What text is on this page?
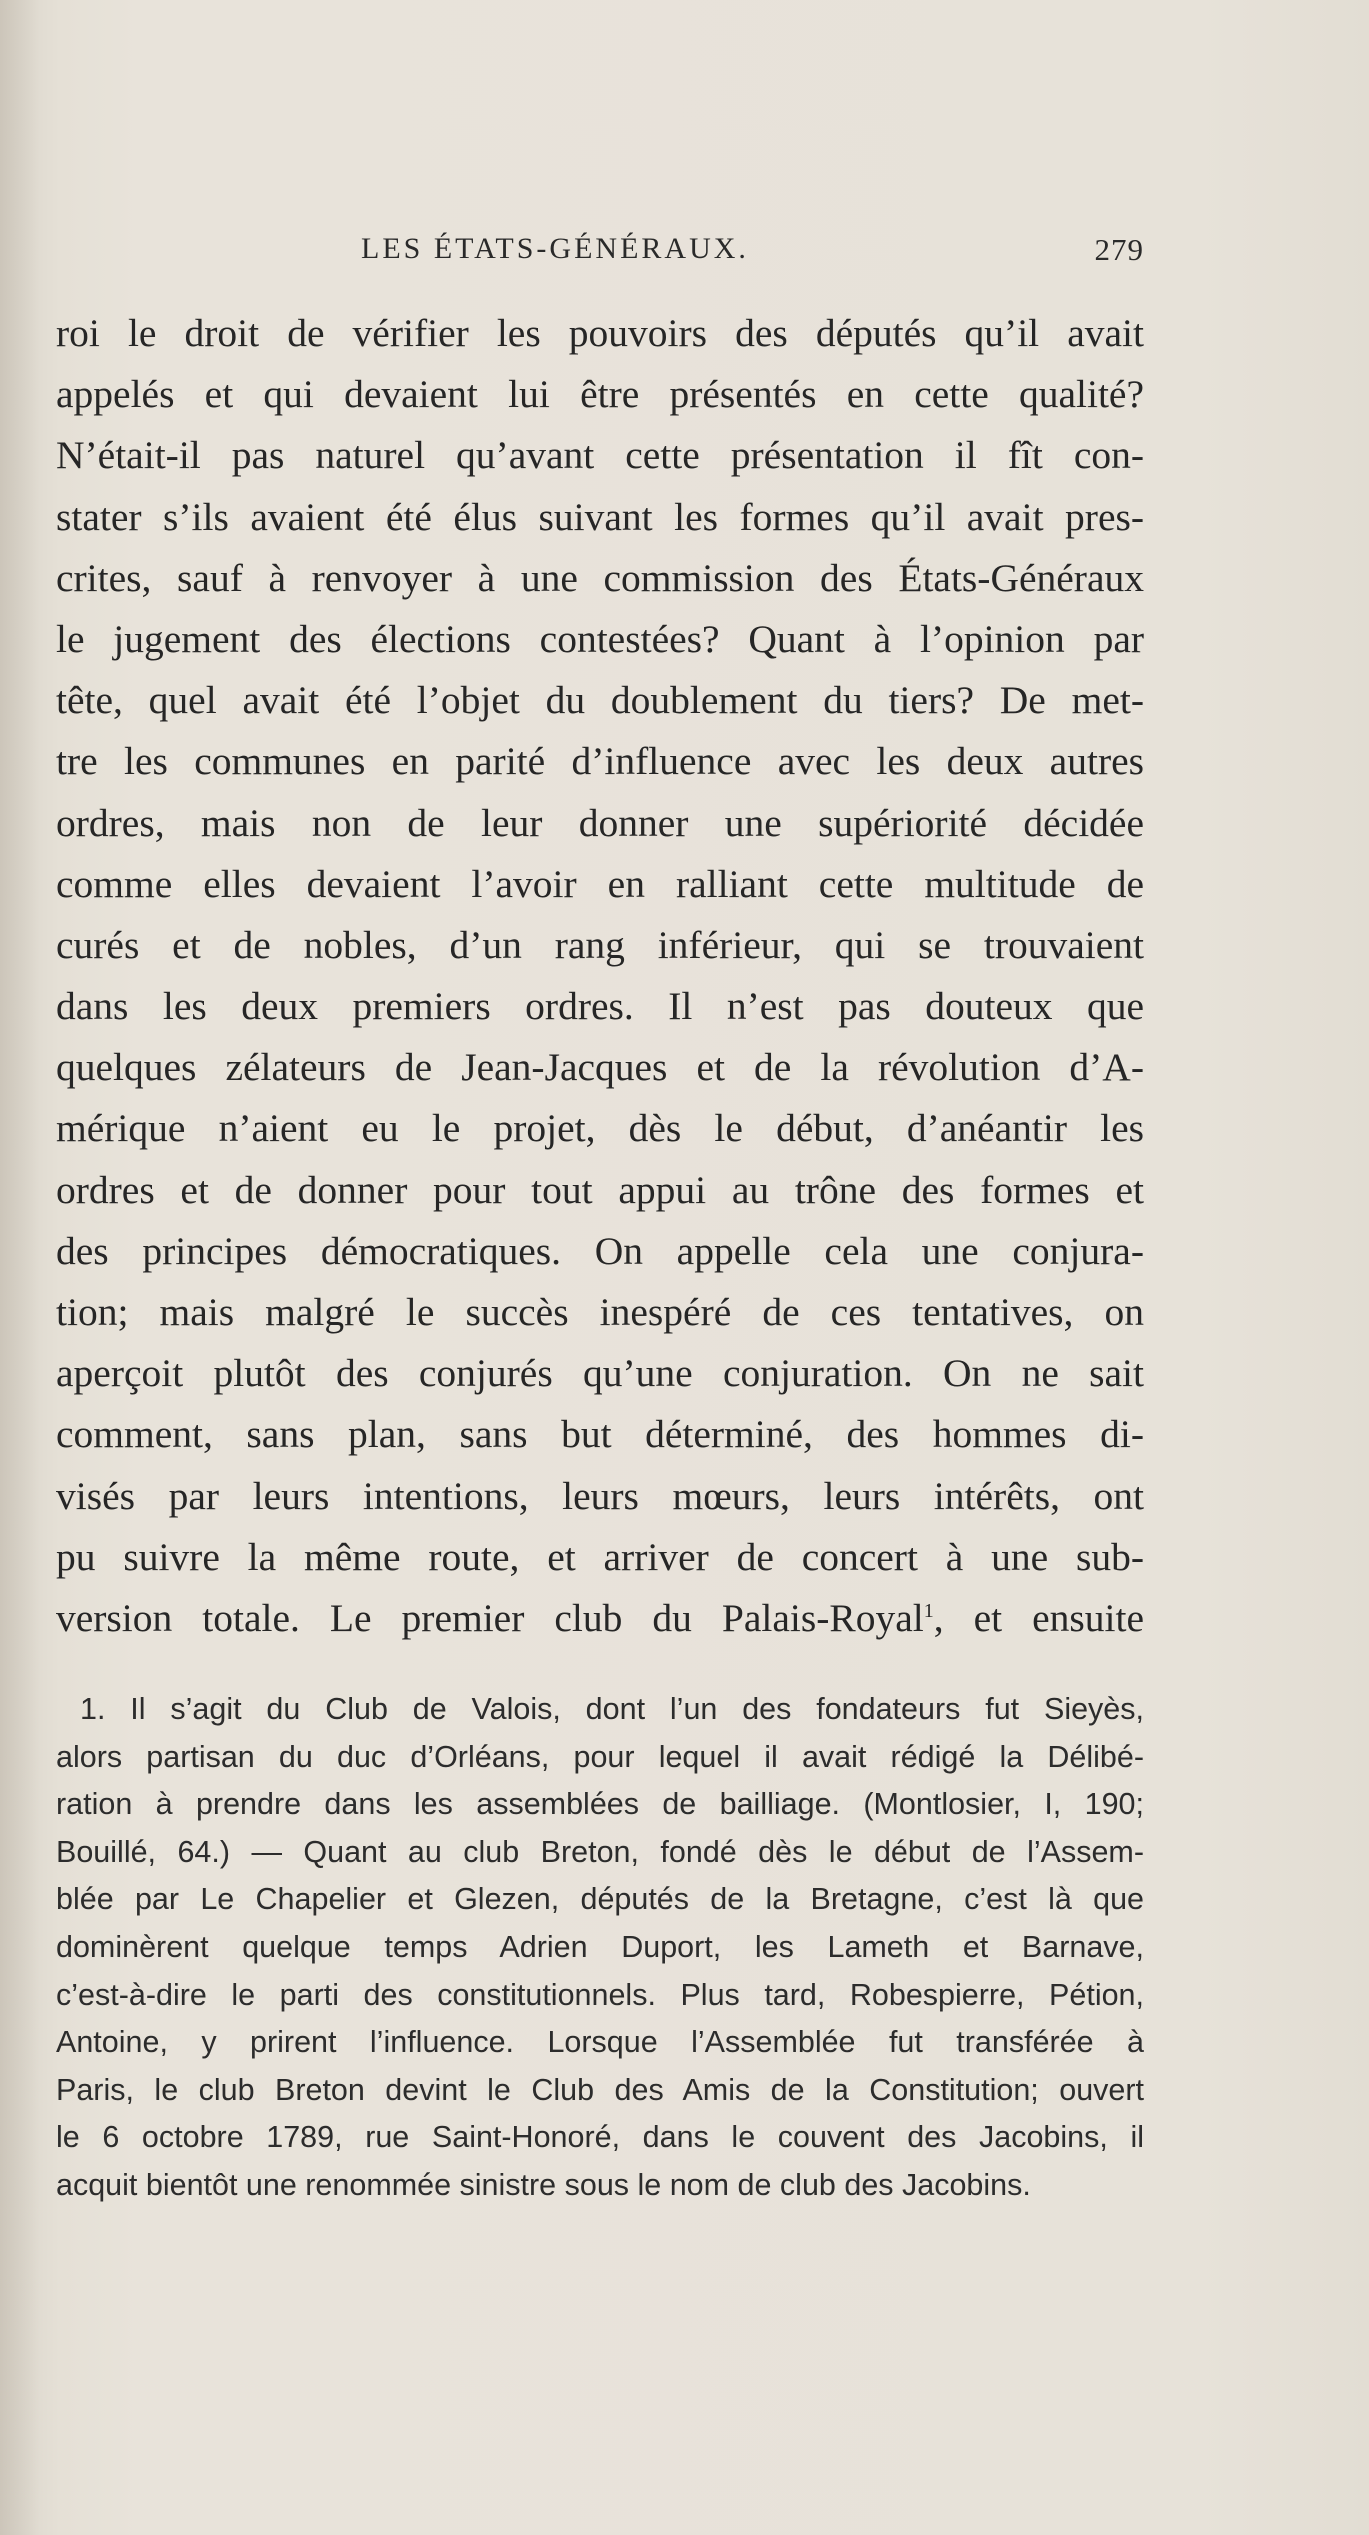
LES ÉTATS-GÉNÉRAUX.	279
roi le droit de vérifier les pouvoirs des députés qu’il avait
appelés et qui devaient lui être présentés en cette qualité?
N’était-il pas naturel qu’avant cette présentation il fît con-
stater s’ils avaient été élus suivant les formes qu’il avait pres-
crites, sauf à renvoyer à une commission des États-Généraux
le jugement des élections contestées? Quant à l’opinion par
tête, quel avait été l’objet du doublement du tiers? De met-
tre les communes en parité d’influence avec les deux autres
ordres, mais non de leur donner une supériorité décidée
comme elles devaient l’avoir en ralliant cette multitude de
curés et de nobles, d’un rang inférieur, qui se trouvaient
dans les deux premiers ordres. Il n’est pas douteux que
quelques zélateurs de Jean-Jacques et de la révolution d’A-
mérique n’aient eu le projet, dès le début, d’anéantir les
ordres et de donner pour tout appui au trône des formes et
des principes démocratiques. On appelle cela une conjura-
tion; mais malgré le succès inespéré de ces tentatives, on
aperçoit plutôt des conjurés qu’une conjuration. On ne sait
comment, sans plan, sans but déterminé, des hommes di-
visés par leurs intentions, leurs mœurs, leurs intérêts, ont
pu suivre la même route, et arriver de concert à une sub-
version totale. Le premier club du Palais-Royal$^1$, et ensuite
1. Il s’agit du Club de Valois, dont l’un des fondateurs fut Sieyès,
alors partisan du duc d’Orléans, pour lequel il avait rédigé la Délibé-
ration à prendre dans les assemblées de bailliage. (Montlosier, I, 190;
Bouillé, 64.) — Quant au club Breton, fondé dès le début de l’Assem-
blée par Le Chapelier et Glezen, députés de la Bretagne, c’est là que
dominèrent quelque temps Adrien Duport, les Lameth et Barnave,
c’est-à-dire le parti des constitutionnels. Plus tard, Robespierre, Pétion,
Antoine, y prirent l’influence. Lorsque l’Assemblée fut transférée à
Paris, le club Breton devint le Club des Amis de la Constitution; ouvert
le 6 octobre 1789, rue Saint-Honoré, dans le couvent des Jacobins, il
acquit bientôt une renommée sinistre sous le nom de club des Jacobins.
